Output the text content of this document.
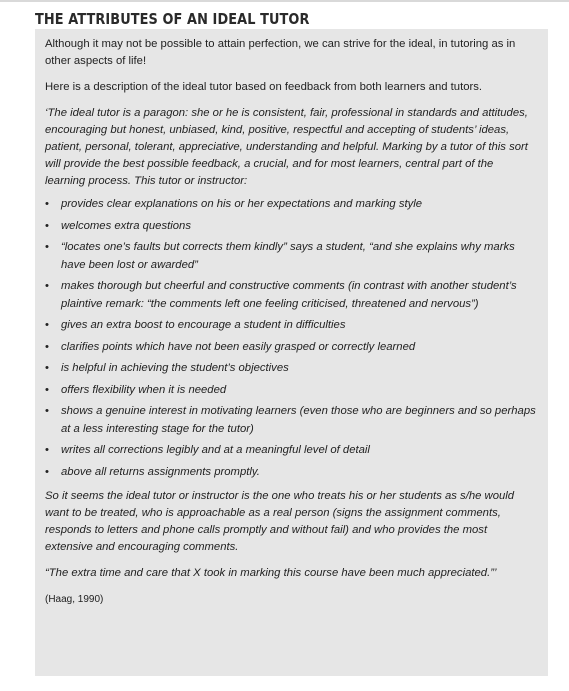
THE ATTRIBUTES OF AN IDEAL TUTOR

Although it may not be possible to attain perfection, we can strive for the ideal, in tutoring as in other aspects of life!

Here is a description of the ideal tutor based on feedback from both learners and tutors.

‘The ideal tutor is a paragon: she or he is consistent, fair, professional in standards and attitudes, encouraging but honest, unbiased, kind, positive, respectful and accepting of students’ ideas, patient, personal, tolerant, appreciative, understanding and helpful. Marking by a tutor of this sort will provide the best possible feedback, a crucial, and for most learners, central part of the learning process. This tutor or instructor:

• provides clear explanations on his or her expectations and marking style
• welcomes extra questions
• “locates one’s faults but corrects them kindly” says a student, “and she explains why marks have been lost or awarded”
• makes thorough but cheerful and constructive comments (in contrast with another student’s plaintive remark: “the comments left one feeling criticised, threatened and nervous”)
• gives an extra boost to encourage a student in difficulties
• clarifies points which have not been easily grasped or correctly learned
• is helpful in achieving the student’s objectives
• offers flexibility when it is needed
• shows a genuine interest in motivating learners (even those who are beginners and so perhaps at a less interesting stage for the tutor)
• writes all corrections legibly and at a meaningful level of detail
• above all returns assignments promptly.

So it seems the ideal tutor or instructor is the one who treats his or her students as s/he would want to be treated, who is approachable as a real person (signs the assignment comments, responds to letters and phone calls promptly and without fail) and who provides the most extensive and encouraging comments.

“The extra time and care that X took in marking this course have been much appreciated.”’

(Haag, 1990)
